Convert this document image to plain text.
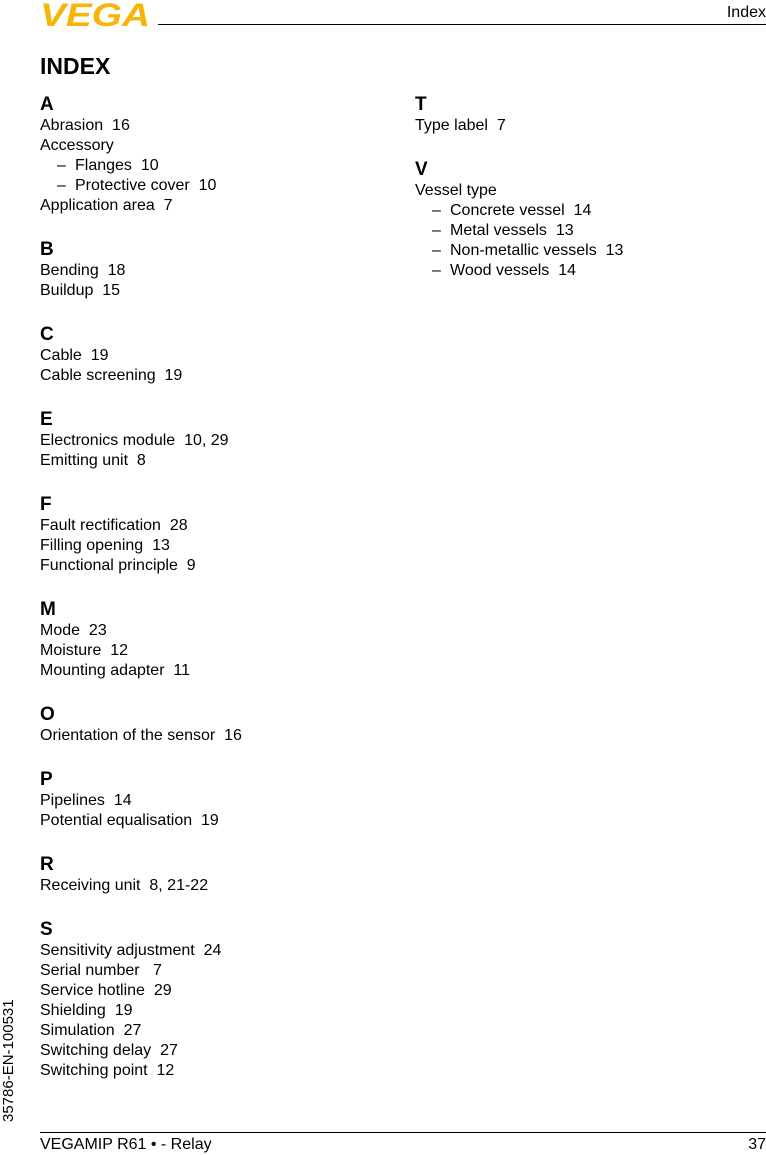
VEGA	Index
INDEX
A
Abrasion  16
Accessory
– Flanges  10
– Protective cover  10
Application area  7
B
Bending  18
Buildup  15
C
Cable  19
Cable screening  19
E
Electronics module  10, 29
Emitting unit  8
F
Fault rectification  28
Filling opening  13
Functional principle  9
M
Mode  23
Moisture  12
Mounting adapter  11
O
Orientation of the sensor  16
P
Pipelines  14
Potential equalisation  19
R
Receiving unit  8, 21-22
S
Sensitivity adjustment  24
Serial number   7
Service hotline  29
Shielding  19
Simulation  27
Switching delay  27
Switching point  12
T
Type label  7
V
Vessel type
– Concrete vessel  14
– Metal vessels  13
– Non-metallic vessels  13
– Wood vessels  14
35786-EN-100531
VEGAMIP R61 • - Relay	37
